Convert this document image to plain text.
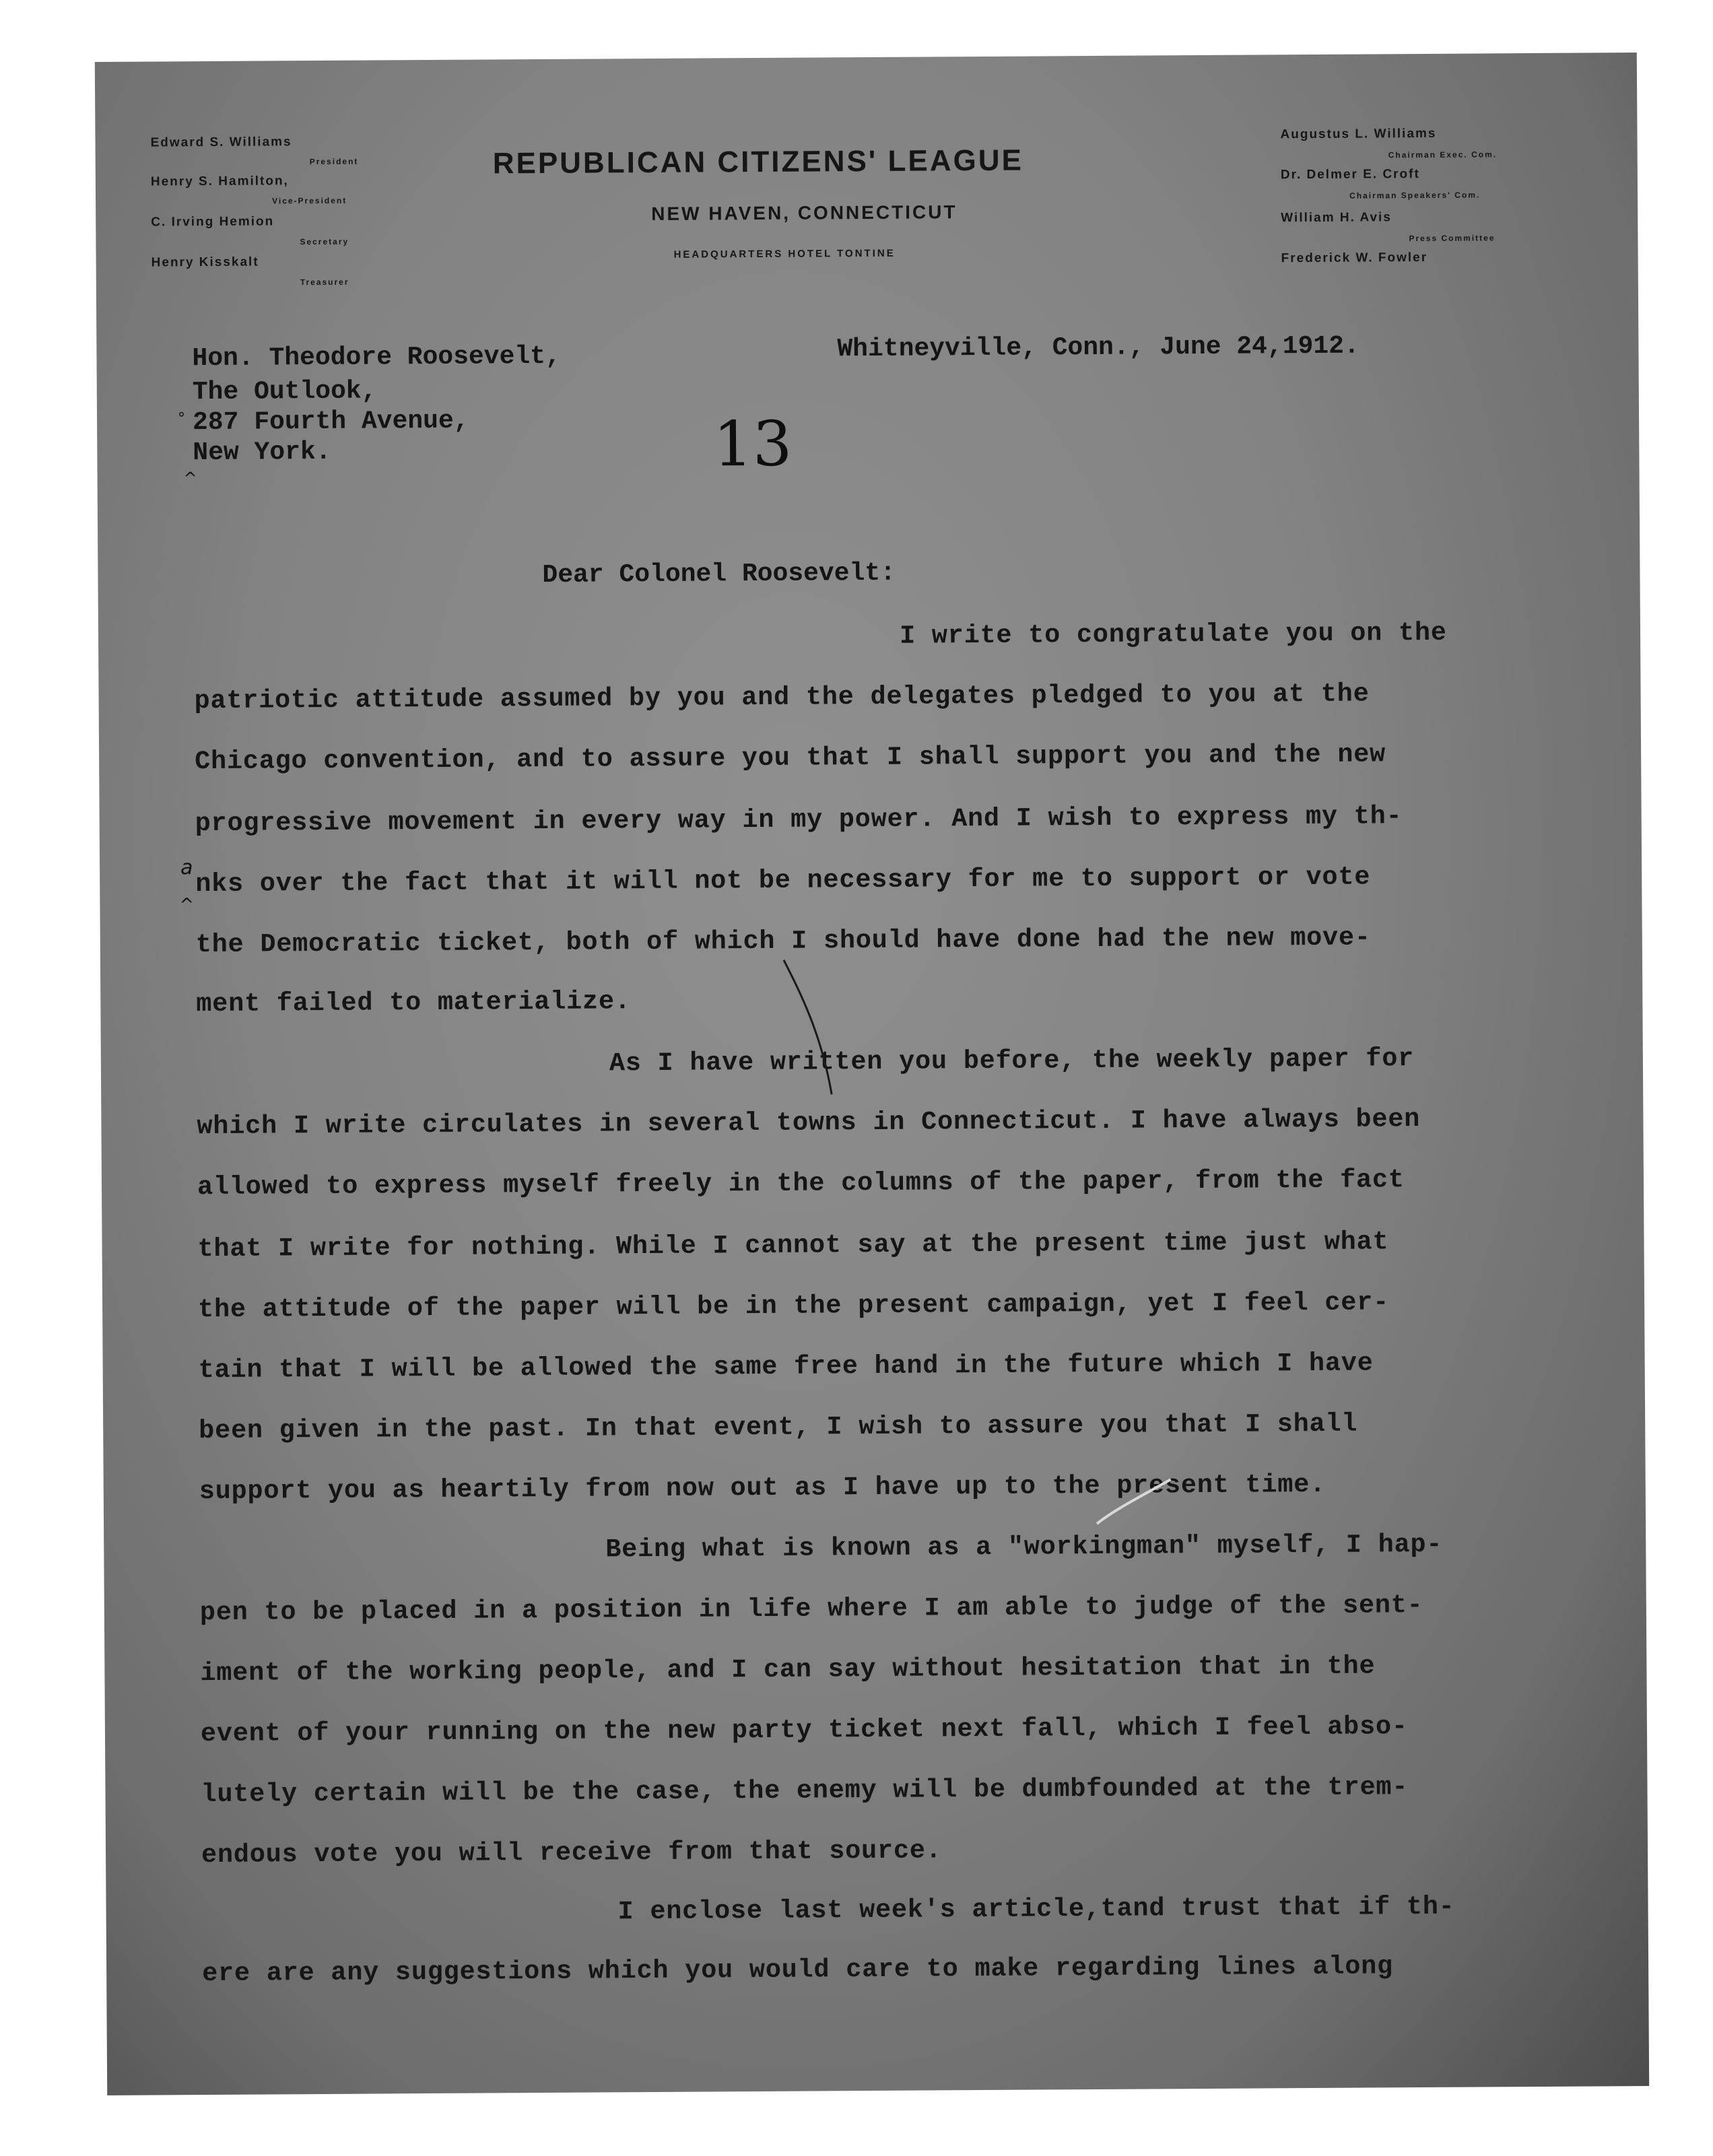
Edward S. Williams
President
Henry S. Hamilton,
Vice-President
C. Irving Hemion
Secretary
Henry Kisskalt
Treasurer
REPUBLICAN CITIZENS' LEAGUE
NEW HAVEN, CONNECTICUT
HEADQUARTERS HOTEL TONTINE
Augustus L. Williams
Chairman Exec. Com.
Dr. Delmer E. Croft
Chairman Speakers' Com.
William H. Avis
Press Committee
Frederick W. Fowler
Hon. Theodore Roosevelt,
The Outlook,
287 Fourth Avenue,
New York.
Whitneyville, Conn., June 24,1912.
13
Dear Colonel Roosevelt:
I write to congratulate you on the
patriotic attitude assumed by you and the delegates pledged to you at the
Chicago convention, and to assure you that I shall support you and the new
progressive movement in every way in my power. And I wish to express my th-
nks over the fact that it will not be necessary for me to support or vote
the Democratic ticket, both of which I should have done had the new move-
ment failed to materialize.
As I have written you before, the weekly paper for
which I write circulates in several towns in Connecticut. I have always been
allowed to express myself freely in the columns of the paper, from the fact
that I write for nothing. While I cannot say at the present time just what
the attitude of the paper will be in the present campaign, yet I feel cer-
tain that I will be allowed the same free hand in the future which I have
been given in the past. In that event, I wish to assure you that I shall
support you as heartily from now out as I have up to the present time.
Being what is known as a "workingman" myself, I hap-
pen to be placed in a position in life where I am able to judge of the sent-
iment of the working people, and I can say without hesitation that in the
event of your running on the new party ticket next fall, which I feel abso-
lutely certain will be the case, the enemy will be dumbfounded at the trem-
endous vote you will receive from that source.
I enclose last week's article,tand trust that if th-
ere are any suggestions which you would care to make regarding lines along
a
^
°
^
